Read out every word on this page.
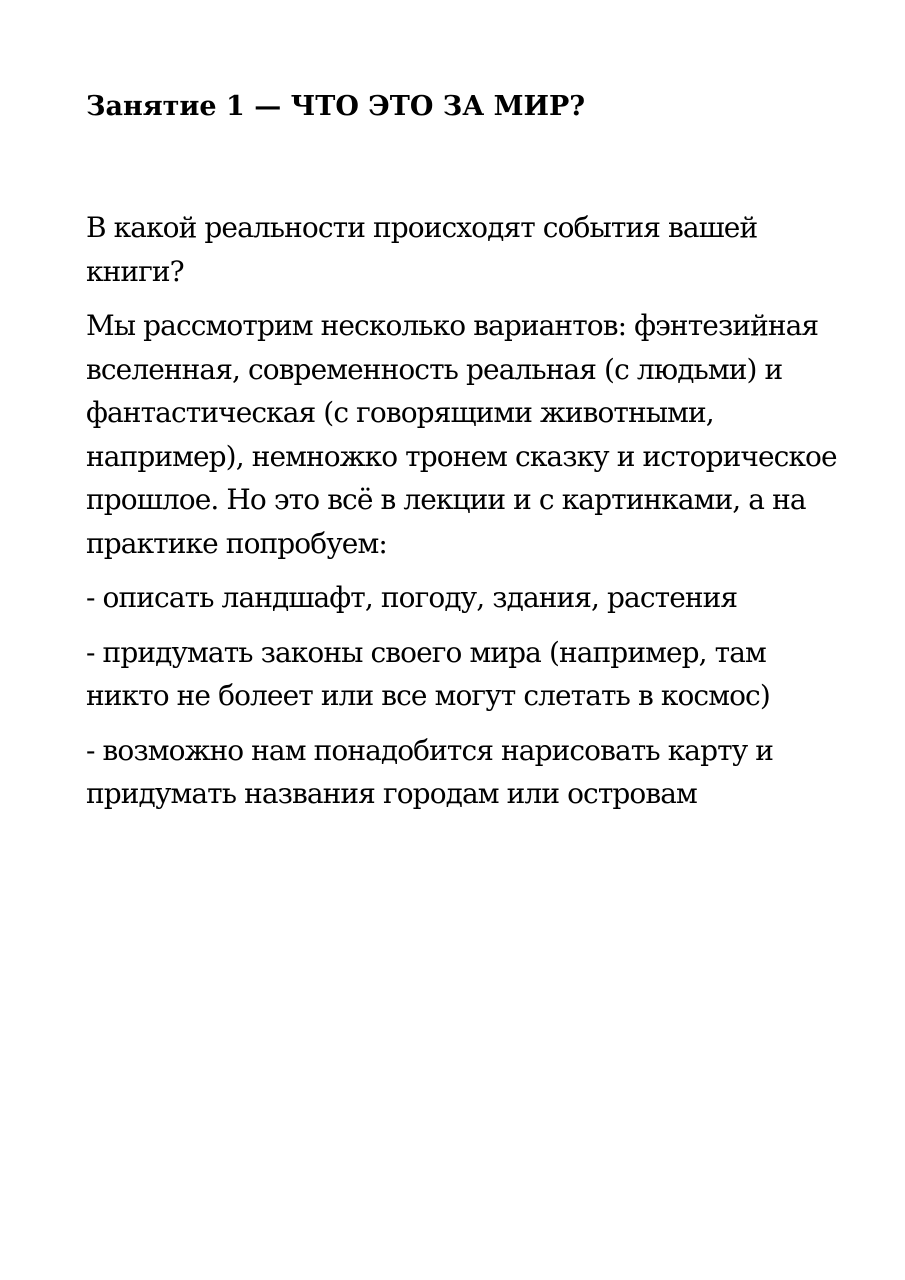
Занятие 1 — ЧТО ЭТО ЗА МИР?

В какой реальности происходят события вашей книги?

Мы рассмотрим несколько вариантов: фэнтезийная вселенная, современность реальная (с людьми) и фантастическая (с говорящими животными, например), немножко тронем сказку и историческое прошлое. Но это всё в лекции и с картинками, а на практике попробуем:

- описать ландшафт, погоду, здания, растения

- придумать законы своего мира (например, там никто не болеет или все могут слетать в космос)

- возможно нам понадобится нарисовать карту и придумать названия городам или островам
